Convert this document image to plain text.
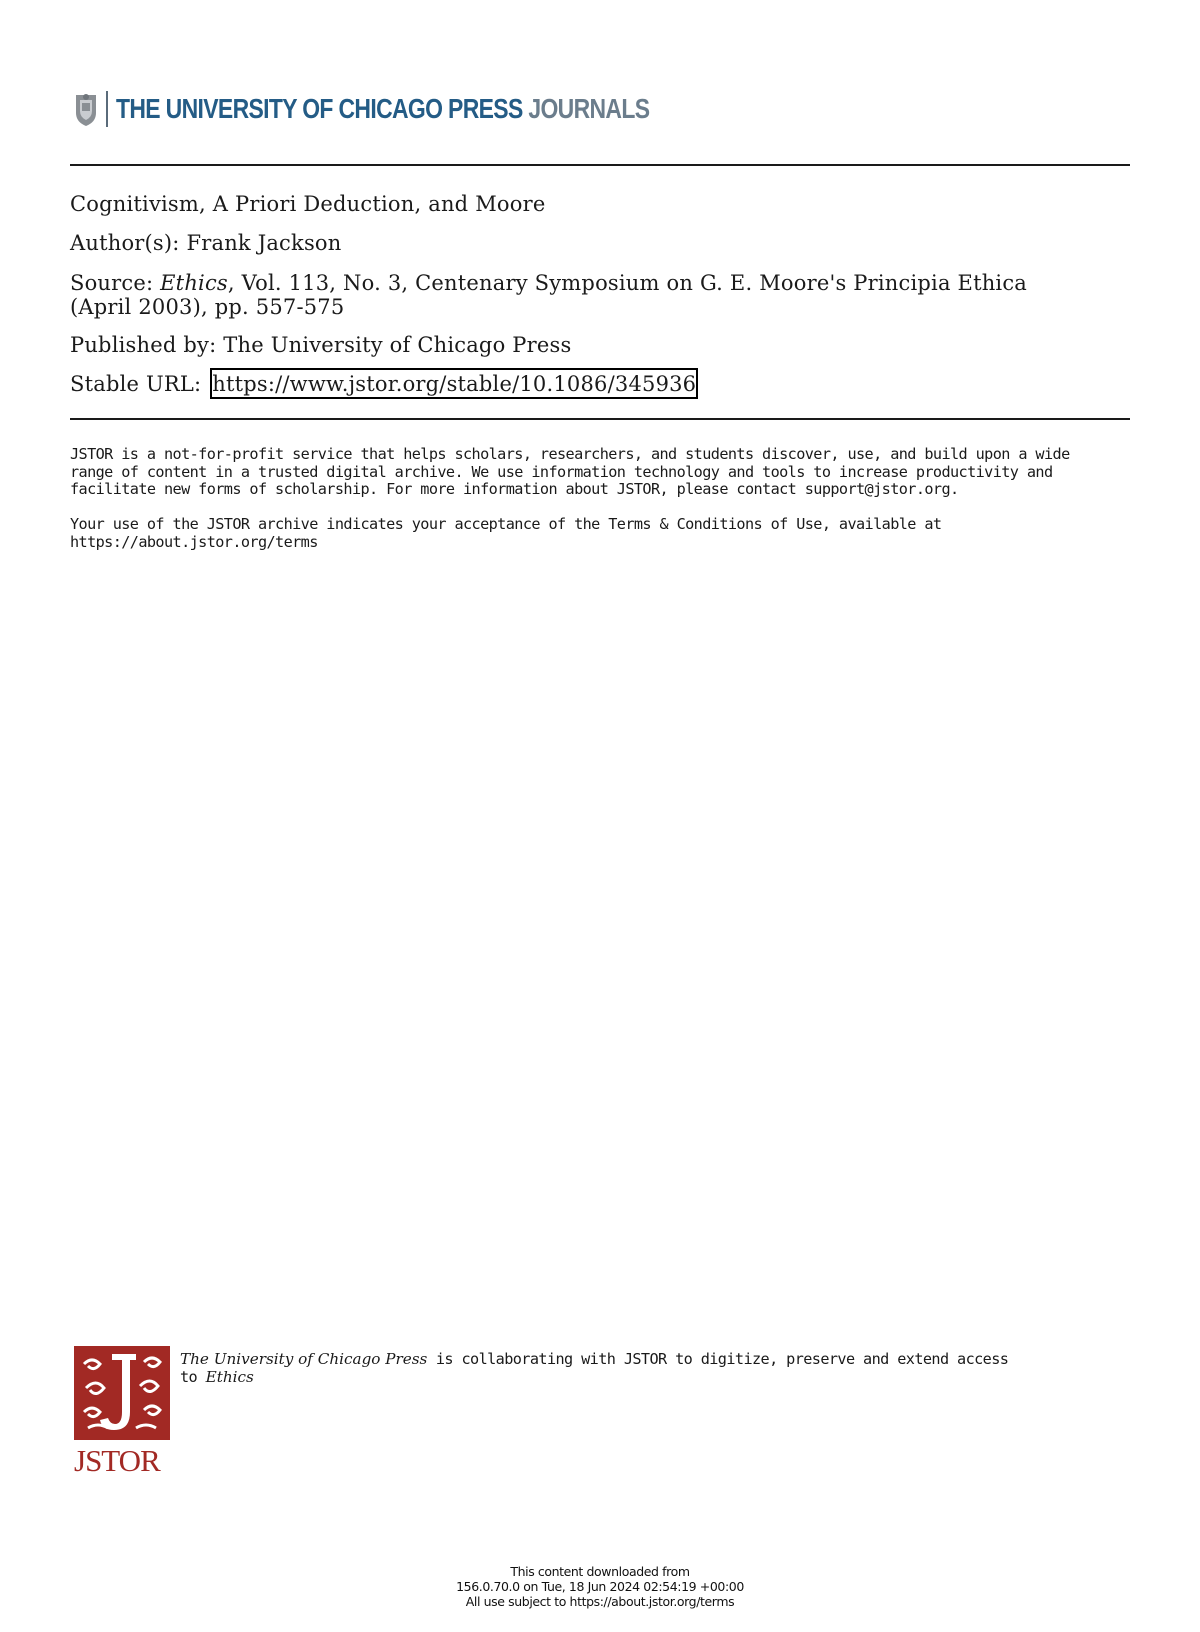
THE UNIVERSITY OF CHICAGO PRESS JOURNALS
Cognitivism, A Priori Deduction, and Moore
Author(s): Frank Jackson
Source: Ethics, Vol. 113, No. 3, Centenary Symposium on G. E. Moore's Principia Ethica
(April 2003), pp. 557-575
Published by: The University of Chicago Press
Stable URL: https://www.jstor.org/stable/10.1086/345936

JSTOR is a not-for-profit service that helps scholars, researchers, and students discover, use, and build upon a wide

range of content in a trusted digital archive. We use information technology and tools to increase productivity and

facilitate new forms of scholarship. For more information about JSTOR, please contact support@jstor.org.

Your use of the JSTOR archive indicates your acceptance of the Terms & Conditions of Use, available at

https://about.jstor.org/terms

JSTOR
The University of Chicago Press is collaborating with JSTOR to digitize, preserve and extend access
to Ethics
This content downloaded from
156.0.70.0 on Tue, 18 Jun 2024 02:54:19 +00:00
All use subject to https://about.jstor.org/terms
